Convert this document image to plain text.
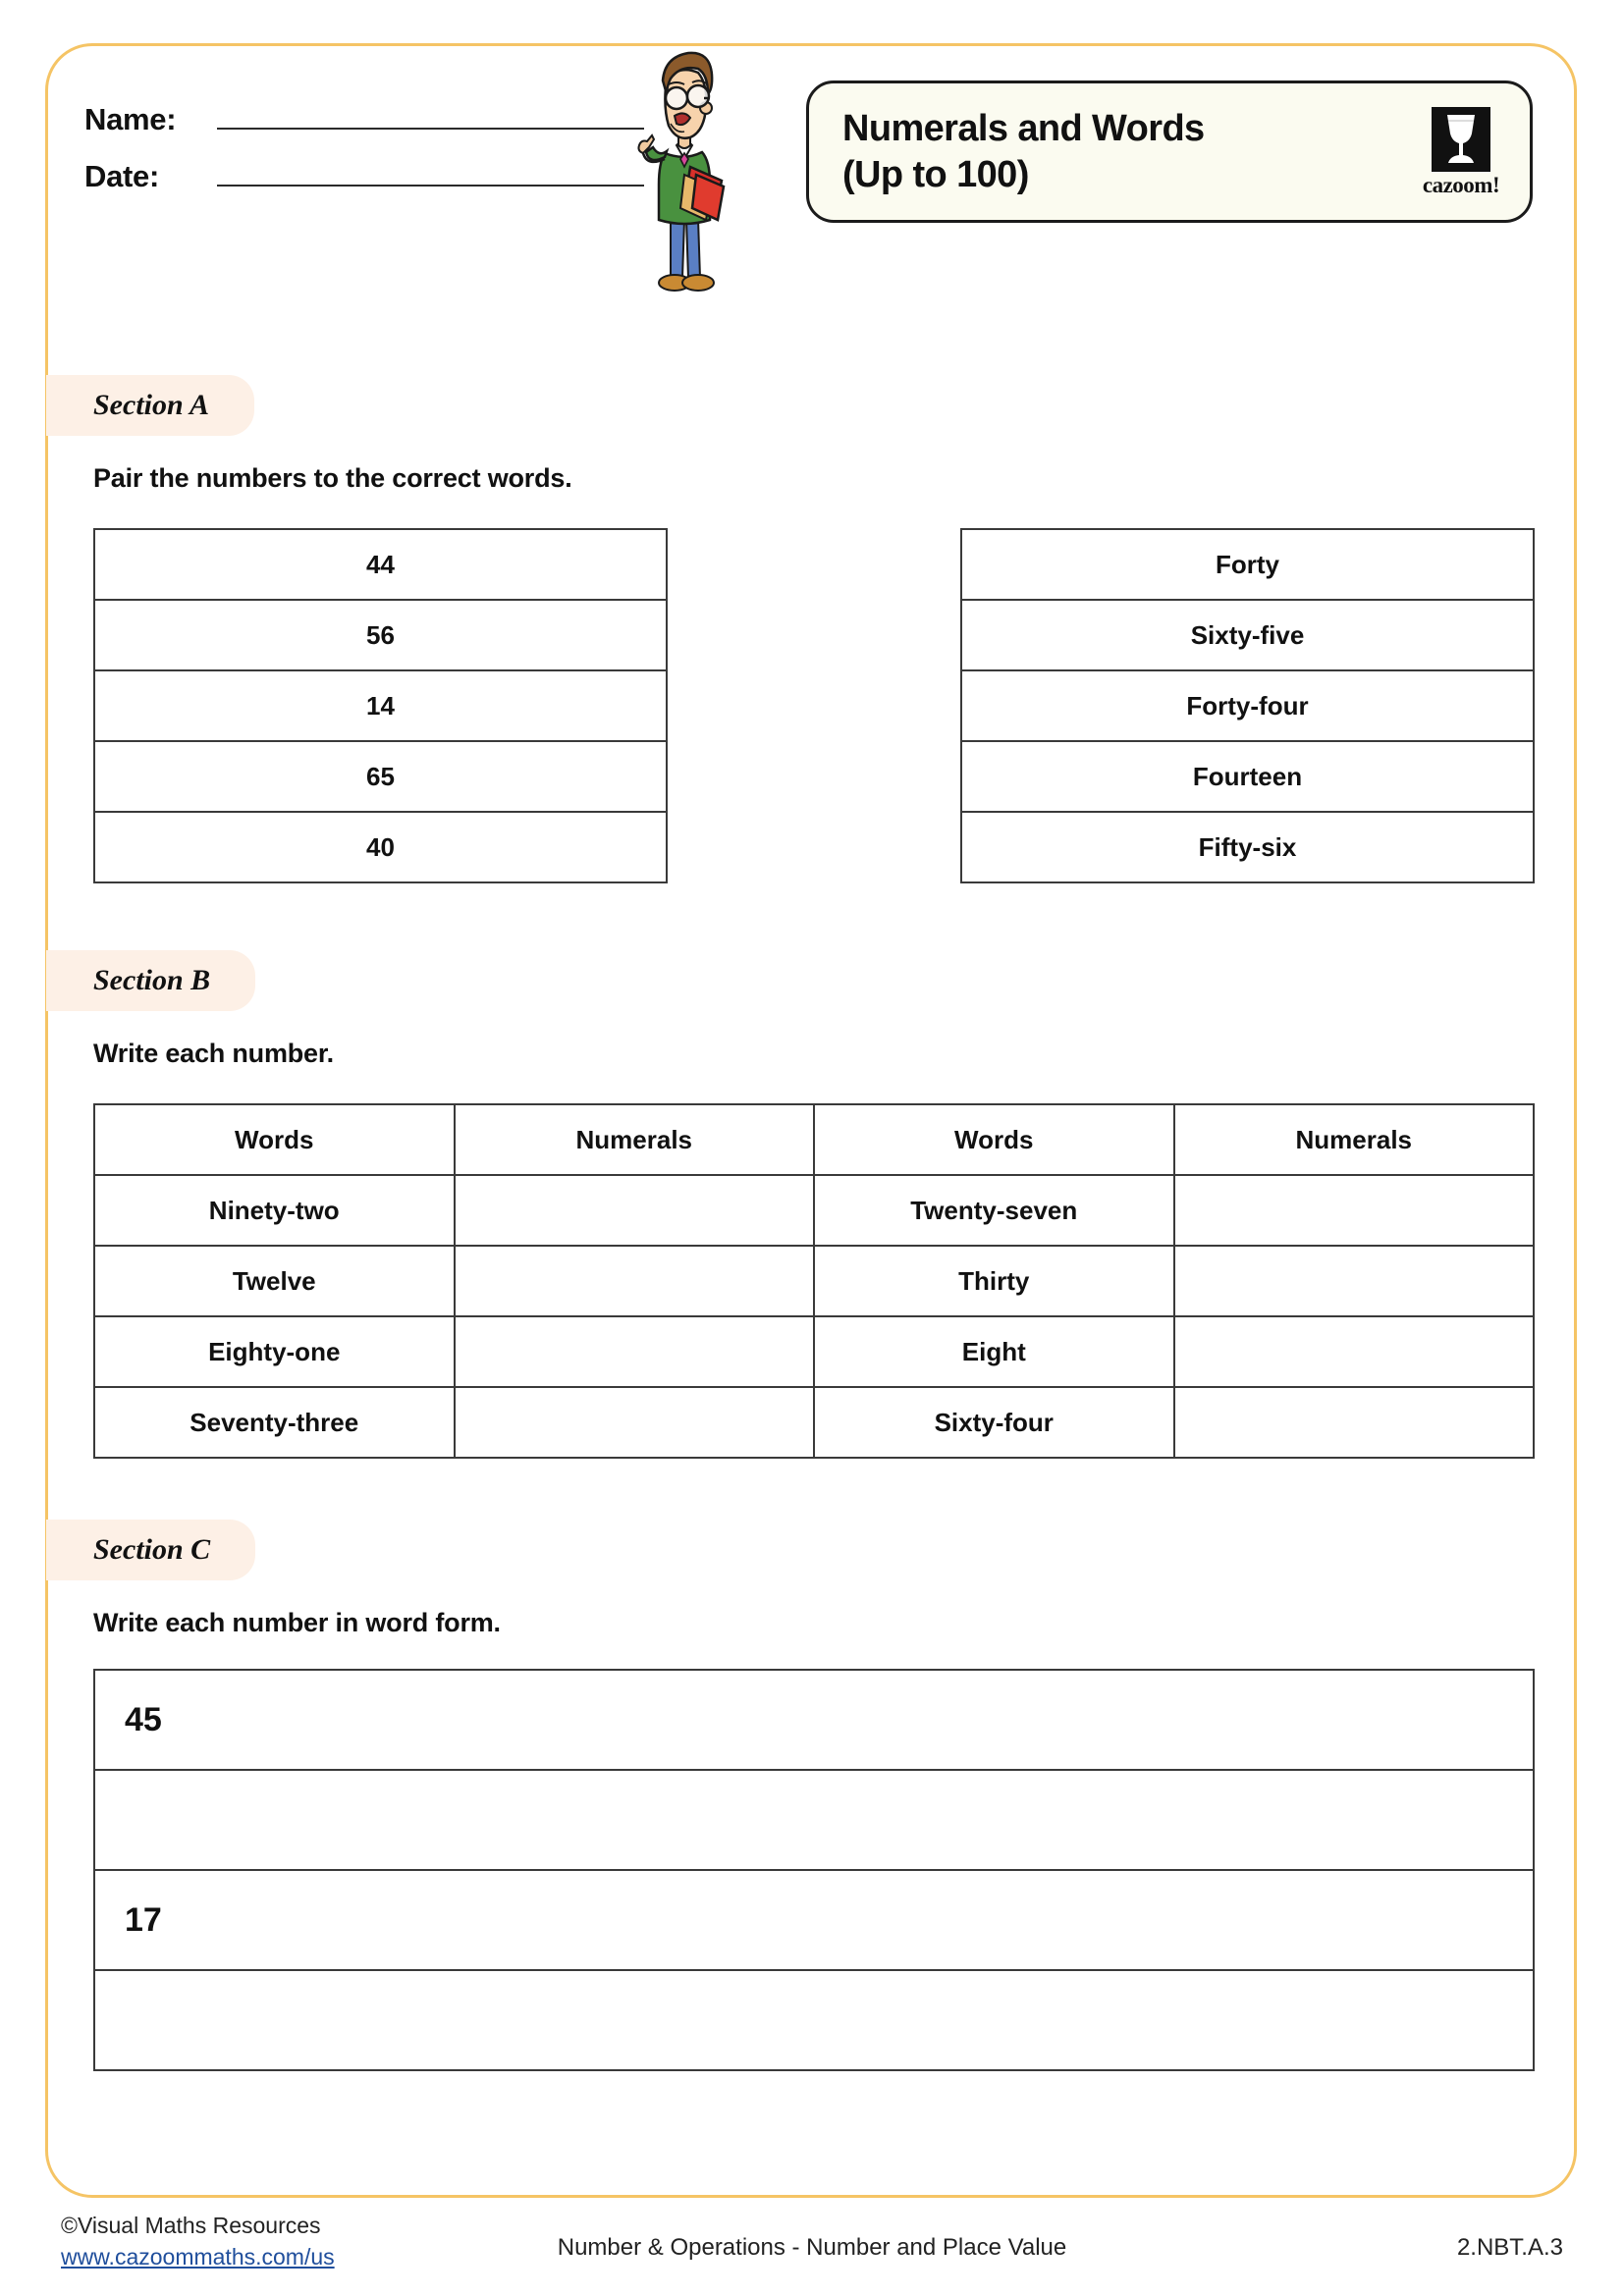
Name:
Date:
Numerals and Words
(Up to 100)	cazoom!
Section A
Pair the numbers to the correct words.
44
56
14
65
40
Forty
Sixty-five
Forty-four
Fourteen
Fifty-six
Section B
Write each number.
Words	Numerals	Words	Numerals
Ninety-two		Twenty-seven	
Twelve		Thirty	
Eighty-one		Eight	
Seventy-three		Sixty-four	
Section C
Write each number in word form.
45

17

©Visual Maths Resources
www.cazoommaths.com/us	Number & Operations - Number and Place Value	2.NBT.A.3
